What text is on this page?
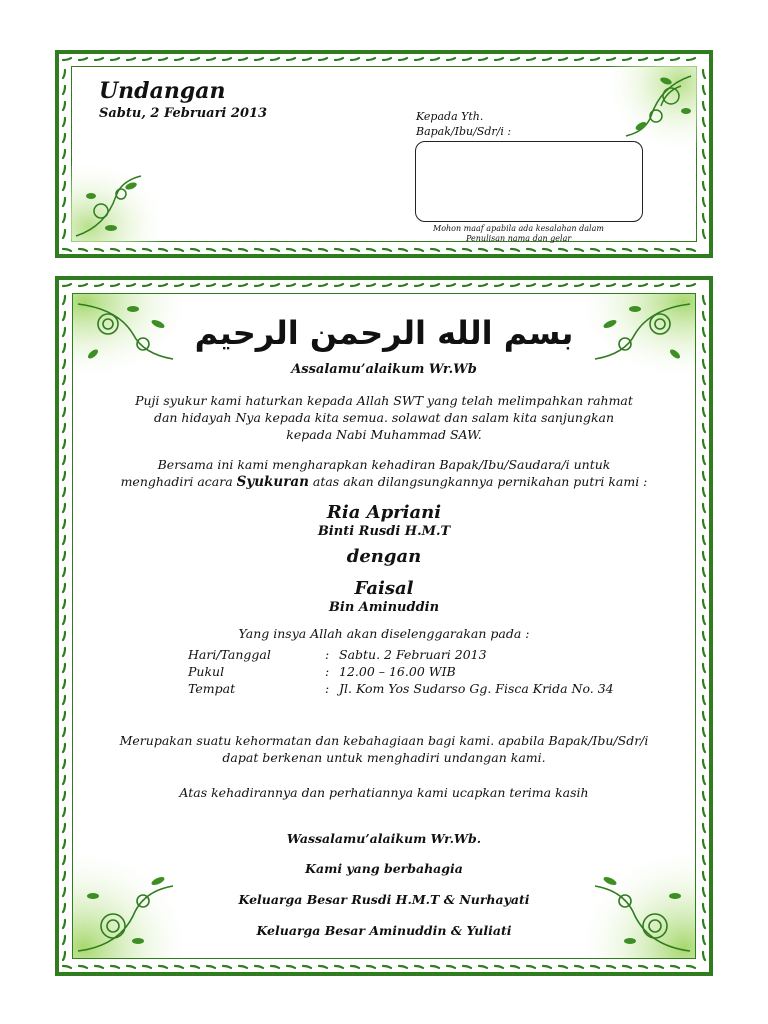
Undangan
Sabtu, 2 Februari 2013	Kepada Yth.
Bapak/Ibu/Sdr/i :
Mohon maaf apabila ada kesalahan dalam
Penulisan nama dan gelar
بسم الله الرحمن الرحيم
Assalamu’alaikum Wr.Wb
Puji syukur kami haturkan kepada Allah SWT yang telah melimpahkan rahmat
dan hidayah Nya kepada kita semua. solawat dan salam kita sanjungkan
kepada Nabi Muhammad SAW.
Bersama ini kami mengharapkan kehadiran Bapak/Ibu/Saudara/i untuk
menghadiri acara Syukuran atas akan dilangsungkannya pernikahan putri kami :
Ria Apriani
Binti Rusdi H.M.T
dengan
Faisal
Bin Aminuddin
Yang insya Allah akan diselenggarakan pada :
Hari/Tanggal	: Sabtu. 2 Februari 2013
Pukul	: 12.00 – 16.00 WIB
Tempat	: Jl. Kom Yos Sudarso Gg. Fisca Krida No. 34
Merupakan suatu kehormatan dan kebahagiaan bagi kami. apabila Bapak/Ibu/Sdr/i
dapat berkenan untuk menghadiri undangan kami.
Atas kehadirannya dan perhatiannya kami ucapkan terima kasih
Wassalamu’alaikum Wr.Wb.
Kami yang berbahagia
Keluarga Besar Rusdi H.M.T & Nurhayati
Keluarga Besar Aminuddin & Yuliati
